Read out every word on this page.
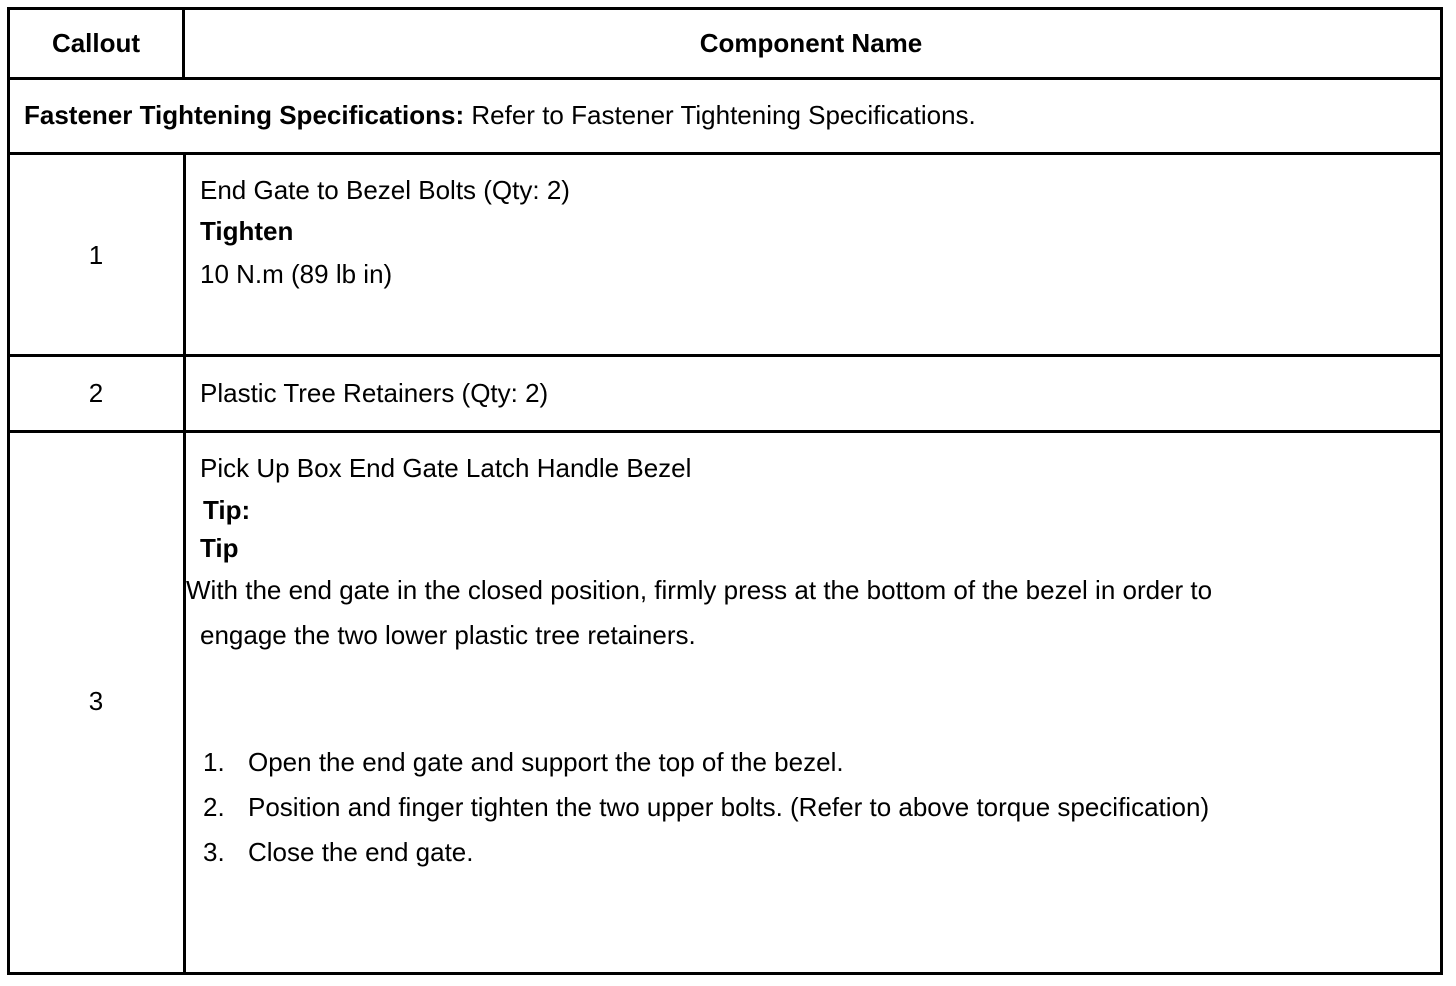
Callout	Component Name
Fastener Tightening Specifications: Refer to Fastener Tightening Specifications.
1
End Gate to Bezel Bolts (Qty: 2)
Tighten
10 N.m (89 lb in)
2	Plastic Tree Retainers (Qty: 2)
3
Pick Up Box End Gate Latch Handle Bezel
Tip:
Tip
With the end gate in the closed position, firmly press at the bottom of the bezel in order to
engage the two lower plastic tree retainers.
1. Open the end gate and support the top of the bezel.
2. Position and finger tighten the two upper bolts. (Refer to above torque specification)
3. Close the end gate.
